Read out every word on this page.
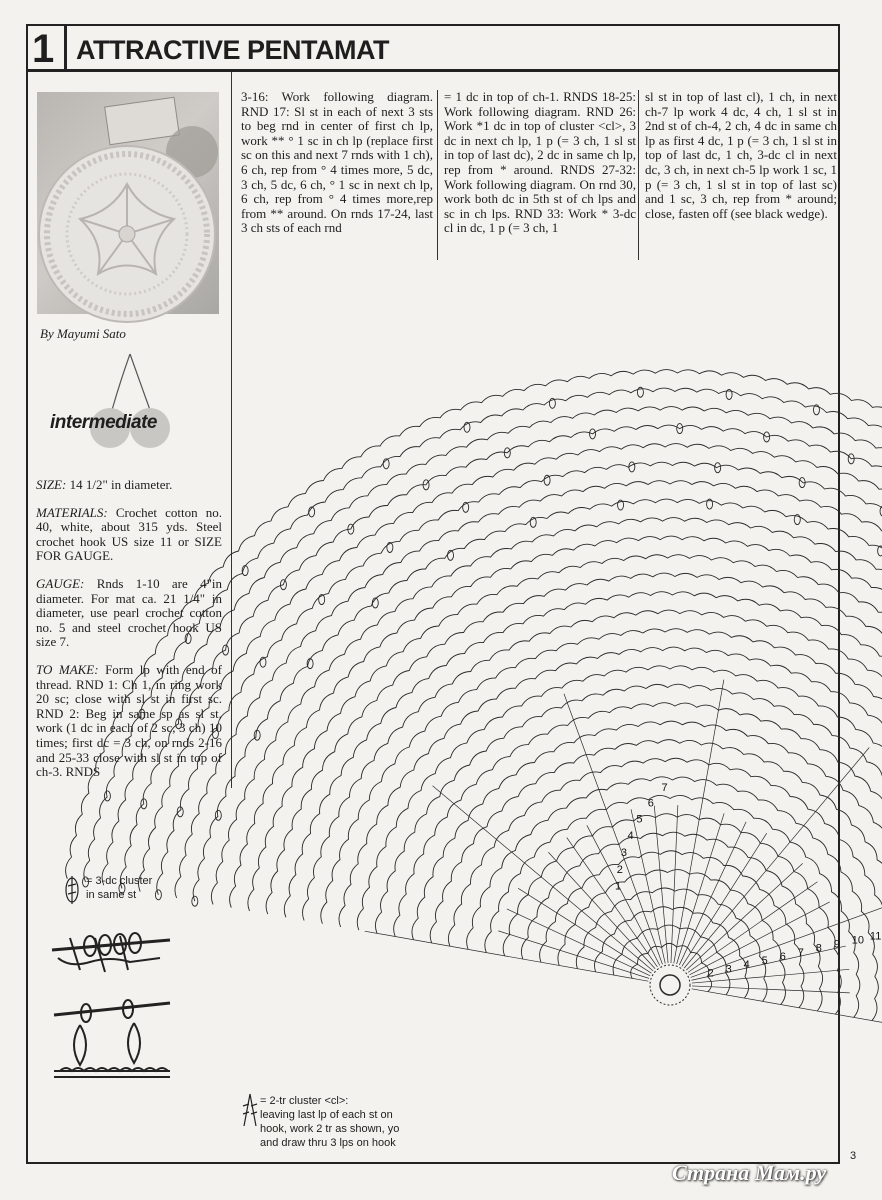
1 ATTRACTIVE PENTAMAT
By Mayumi Sato
intermediate

SIZE: 14 1/2" in diameter.

MATERIALS: Crochet cotton no. 40, white, about 315 yds. Steel crochet hook US size 11 or SIZE FOR GAUGE.

GAUGE: Rnds 1-10 are 4"in diameter. For mat ca. 21 1/4" in diameter, use pearl crochet cotton no. 5 and steel crochet hook US size 7.

TO MAKE: Form lp with end of thread. RND 1: Ch 1, in ring work 20 sc; close with sl st in first sc. RND 2: Beg in same sp as sl st, work (1 dc in each of 2 sc, 3 ch) 10 times; first dc = 3 ch, on rnds 2-16 and 25-33 close with sl st in top of ch-3. RNDS

3-16: Work following diagram. RND 17: Sl st in each of next 3 sts to beg rnd in center of first ch lp, work ** ° 1 sc in ch lp (replace first sc on this and next 7 rnds with 1 ch), 6 ch, rep from ° 4 times more, 5 dc, 3 ch, 5 dc, 6 ch, ° 1 sc in next ch lp, 6 ch, rep from ° 4 times more,rep from ** around. On rnds 17-24, last 3 ch sts of each rnd
= 1 dc in top of ch-1. RNDS 18-25: Work following diagram. RND 26: Work *1 dc in top of cluster <cl>, 3 dc in next ch lp, 1 p (= 3 ch, 1 sl st in top of last dc), 2 dc in same ch lp, rep from * around. RNDS 27-32: Work following diagram. On rnd 30, work both dc in 5th st of ch lps and sc in ch lps. RND 33: Work * 3-dc cl in dc, 1 p (= 3 ch, 1
sl st in top of last cl), 1 ch, in next ch-7 lp work 4 dc, 4 ch, 1 sl st in 2nd st of ch-4, 2 ch, 4 dc in same ch lp as first 4 dc, 1 p (= 3 ch, 1 sl st in top of last dc, 1 ch, 3-dc cl in next dc, 3 ch, in next ch-5 lp work 1 sc, 1 p (= 3 ch, 1 sl st in top of last sc) and 1 sc, 3 ch, rep from * around; close, fasten off (see black wedge).
2 3 4 5 6 7 8 9 10 11
1
2
3
4
5
6
7
= 3-dc cluster
in same st
= 2-tr cluster <cl>:
leaving last lp of each st on
hook, work 2 tr as shown, yo
and draw thru 3 lps on hook
3
Страна Мам.ру
